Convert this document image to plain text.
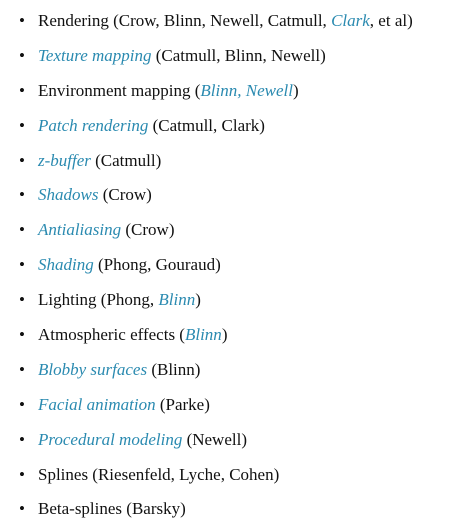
• Rendering (Crow, Blinn, Newell, Catmull, Clark, et al)
• Texture mapping (Catmull, Blinn, Newell)
• Environment mapping (Blinn, Newell)
• Patch rendering (Catmull, Clark)
• z-buffer (Catmull)
• Shadows (Crow)
• Antialiasing (Crow)
• Shading (Phong, Gouraud)
• Lighting (Phong, Blinn)
• Atmospheric effects (Blinn)
• Blobby surfaces (Blinn)
• Facial animation (Parke)
• Procedural modeling (Newell)
• Splines (Riesenfeld, Lyche, Cohen)
• Beta-splines (Barsky)
